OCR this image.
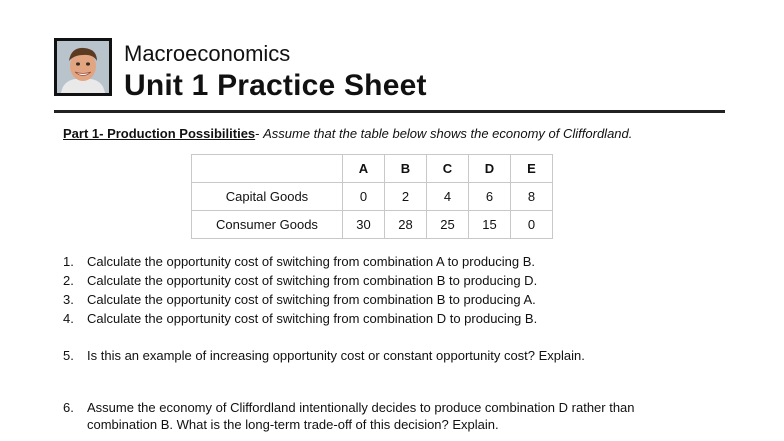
Macroeconomics
Unit 1 Practice Sheet
Part 1- Production Possibilities- Assume that the table below shows the economy of Cliffordland.
	A	B	C	D	E
Capital Goods	0	2	4	6	8
Consumer Goods	30	28	25	15	0
1. Calculate the opportunity cost of switching from combination A to producing B.
2. Calculate the opportunity cost of switching from combination B to producing D.
3. Calculate the opportunity cost of switching from combination B to producing A.
4. Calculate the opportunity cost of switching from combination D to producing B.
5. Is this an example of increasing opportunity cost or constant opportunity cost? Explain.
6. Assume the economy of Cliffordland intentionally decides to produce combination D rather than
combination B. What is the long-term trade-off of this decision? Explain.
